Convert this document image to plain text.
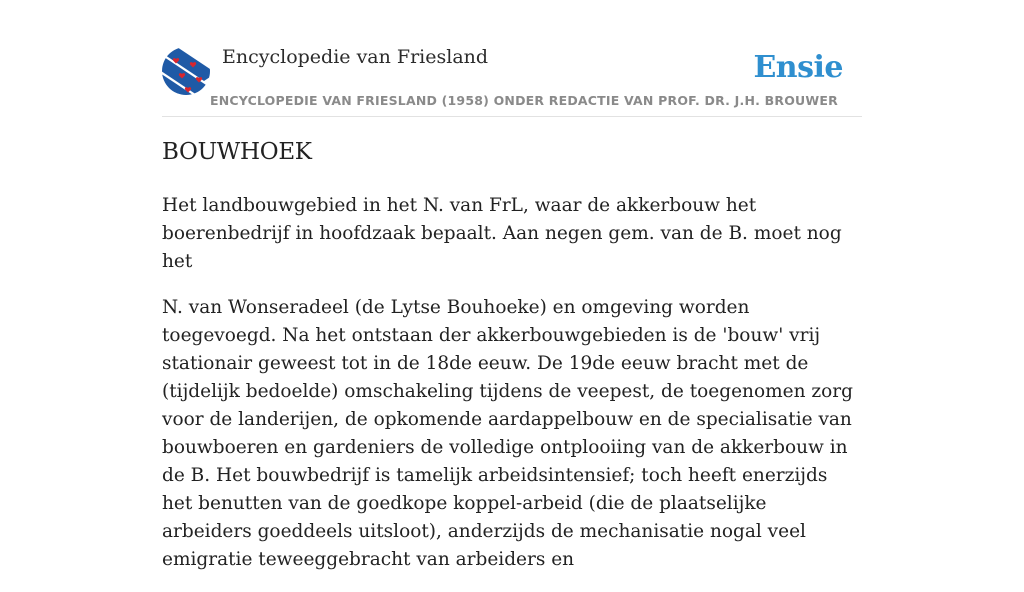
Encyclopedie van Friesland
ENCYCLOPEDIE VAN FRIESLAND (1958) ONDER REDACTIE VAN PROF. DR. J.H. BROUWER
Ensie
BOUWHOEK

Het landbouwgebied in het N. van FrL, waar de akkerbouw het boerenbedrijf in hoofdzaak bepaalt. Aan negen gem. van de B. moet nog het

N. van Wonseradeel (de Lytse Bouhoeke) en omgeving worden toegevoegd. Na het ontstaan der akkerbouwgebieden is de 'bouw' vrij stationair geweest tot in de 18de eeuw. De 19de eeuw bracht met de (tijdelijk bedoelde) omschakeling tijdens de veepest, de toegenomen zorg voor de landerijen, de opkomende aardappelbouw en de specialisatie van bouwboeren en gardeniers de volledige ontplooiing van de akkerbouw in de B. Het bouwbedrijf is tamelijk arbeidsintensief; toch heeft enerzijds het benutten van de goedkope koppel-arbeid (die de plaatselijke arbeiders goeddeels uitsloot), anderzijds de mechanisatie nogal veel emigratie teweeggebracht van arbeiders en
